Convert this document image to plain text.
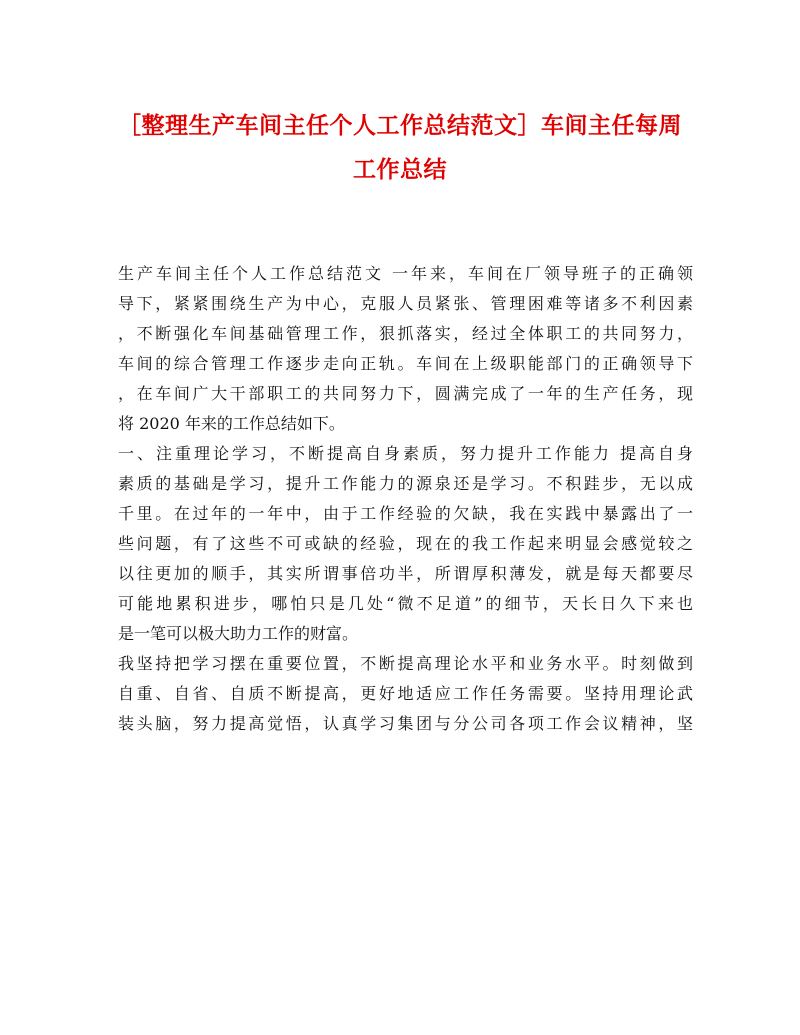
［整理生产车间主任个人工作总结范文］车间主任每周
工作总结
生产车间主任个人工作总结范文 一年来，车间在厂领导班子的正确领
导下，紧紧围绕生产为中心，克服人员紧张、管理困难等诸多不利因素
，不断强化车间基础管理工作，狠抓落实，经过全体职工的共同努力，
车间的综合管理工作逐步走向正轨。车间在上级职能部门的正确领导下
，在车间广大干部职工的共同努力下，圆满完成了一年的生产任务，现
将 2020 年来的工作总结如下。
一、注重理论学习，不断提高自身素质，努力提升工作能力 提高自身
素质的基础是学习，提升工作能力的源泉还是学习。不积跬步，无以成
千里。在过年的一年中，由于工作经验的欠缺，我在实践中暴露出了一
些问题，有了这些不可或缺的经验，现在的我工作起来明显会感觉较之
以往更加的顺手，其实所谓事倍功半，所谓厚积薄发，就是每天都要尽
可能地累积进步，哪怕只是几处“微不足道”的细节，天长日久下来也
是一笔可以极大助力工作的财富。
我坚持把学习摆在重要位置，不断提高理论水平和业务水平。时刻做到
自重、自省、自质不断提高，更好地适应工作任务需要。坚持用理论武
装头脑，努力提高觉悟，认真学习集团与分公司各项工作会议精神，坚
